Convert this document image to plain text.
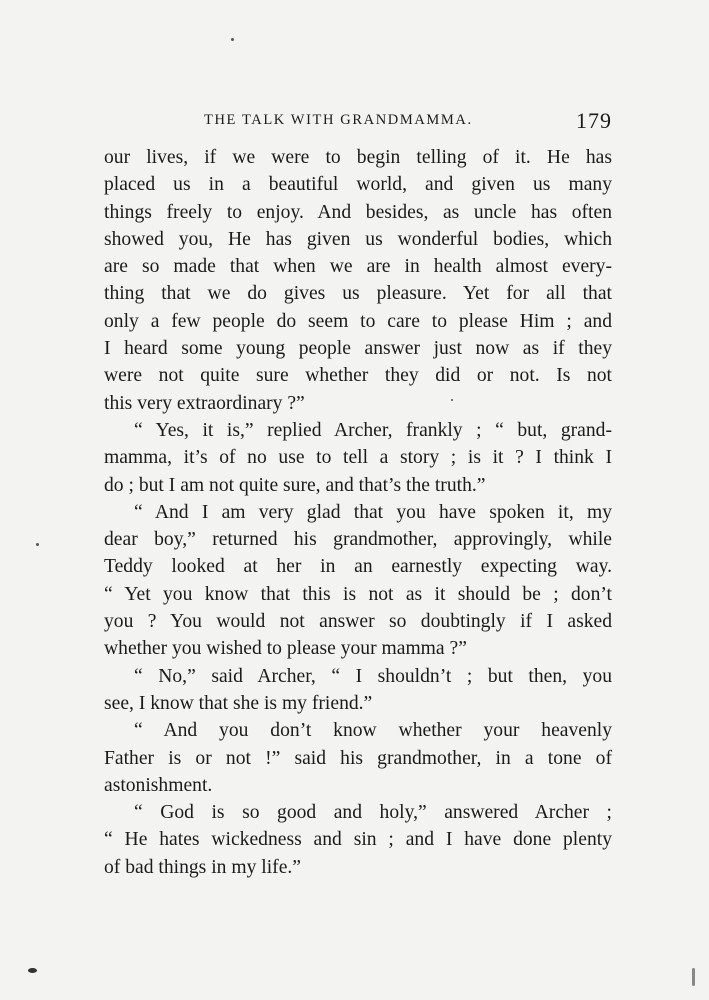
THE TALK WITH GRANDMAMMA.	179
our lives, if we were to begin telling of it. He has
placed us in a beautiful world, and given us many
things freely to enjoy. And besides, as uncle has often
showed you, He has given us wonderful bodies, which
are so made that when we are in health almost every-
thing that we do gives us pleasure. Yet for all that
only a few people do seem to care to please Him ; and
I heard some young people answer just now as if they
were not quite sure whether they did or not. Is not
this very extraordinary ?”
“ Yes, it is,” replied Archer, frankly ; “ but, grand-
mamma, it’s of no use to tell a story ; is it ? I think I
do ; but I am not quite sure, and that’s the truth.”
“ And I am very glad that you have spoken it, my
dear boy,” returned his grandmother, approvingly, while
Teddy looked at her in an earnestly expecting way.
“ Yet you know that this is not as it should be ; don’t
you ? You would not answer so doubtingly if I asked
whether you wished to please your mamma ?”
“ No,” said Archer, “ I shouldn’t ; but then, you
see, I know that she is my friend.”
“ And you don’t know whether your heavenly
Father is or not !” said his grandmother, in a tone of
astonishment.
“ God is so good and holy,” answered Archer ;
“ He hates wickedness and sin ; and I have done plenty
of bad things in my life.”
